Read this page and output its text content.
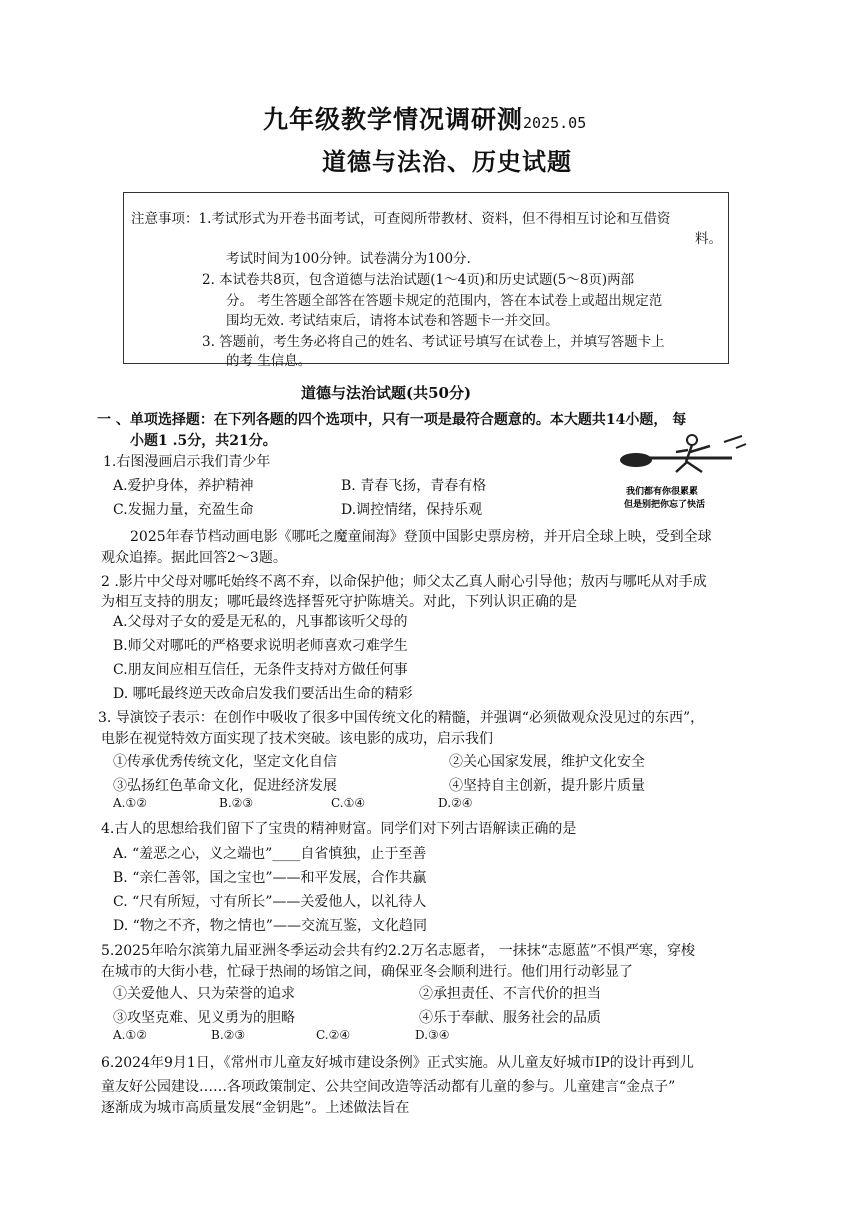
九年级教学情况调研测2025.05
道德与法治、历史试题
注意事项：1.考试形式为开卷书面考试，可查阅所带教材、资料，但不得相互讨论和互借资
料。
考试时间为100分钟。试卷满分为100分.
2. 本试卷共8页，包含道德与法治试题(1～4页)和历史试题(5～8页)两部
分。 考生答题全部答在答题卡规定的范围内，答在本试卷上或超出规定范
围均无效. 考试结束后，请将本试卷和答题卡一并交回。
3. 答题前，考生务必将自己的姓名、考试证号填写在试卷上，并填写答题卡上
的考 生信息。
道德与法治试题(共50分)
一 、单项选择题：在下列各题的四个选项中，只有一项是最符合题意的。本大题共14小题， 每
小题1 .5分，共21分。
我们都有你很累累
但是别把你忘了快活
1.右图漫画启示我们青少年
A.爱护身体，养护精神	B. 青春飞扬，青春有格
C.发掘力量，充盈生命	D.调控情绪，保持乐观
2025年春节档动画电影《哪吒之魔童闹海》登顶中国影史票房榜，并开启全球上映，受到全球
观众追捧。据此回答2～3题。
2 .影片中父母对哪吒始终不离不弃，以命保护他；师父太乙真人耐心引导他；敖丙与哪吒从对手成
为相互支持的朋友；哪吒最终选择誓死守护陈塘关。对此，下列认识正确的是
A.父母对子女的爱是无私的，凡事都该听父母的
B.师父对哪吒的严格要求说明老师喜欢刁难学生
C.朋友间应相互信任，无条件支持对方做任何事
D. 哪吒最终逆天改命启发我们要活出生命的精彩
3. 导演饺子表示：在创作中吸收了很多中国传统文化的精髓，并强调“必须做观众没见过的东西”，
电影在视觉特效方面实现了技术突破。该电影的成功，启示我们
①传承优秀传统文化，坚定文化自信	②关心国家发展，维护文化安全
③弘扬红色革命文化，促进经济发展	④坚持自主创新，提升影片质量
A.①②	B.②③	C.①④	D.②④
4.古人的思想给我们留下了宝贵的精神财富。同学们对下列古语解读正确的是
A. “羞恶之心，义之端也”____自省慎独，止于至善
B. “亲仁善邻，国之宝也”——和平发展，合作共赢
C. “尺有所短，寸有所长”——关爱他人，以礼待人
D. “物之不齐，物之情也”——交流互鉴，文化趋同
5.2025年哈尔滨第九届亚洲冬季运动会共有约2.2万名志愿者， 一抹抹“志愿蓝”不惧严寒，穿梭
在城市的大街小巷，忙碌于热闹的场馆之间，确保亚冬会顺利进行。他们用行动彰显了
①关爱他人、只为荣誉的追求	②承担责任、不言代价的担当
③攻坚克难、见义勇为的胆略	④乐于奉献、服务社会的品质
A.①②	B.②③	C.②④	D.③④
6.2024年9月1日，《常州市儿童友好城市建设条例》正式实施。从儿童友好城市IP的设计再到儿
童友好公园建设……各项政策制定、公共空间改造等活动都有儿童的参与。儿童建言“金点子”
逐渐成为城市高质量发展“金钥匙”。上述做法旨在
